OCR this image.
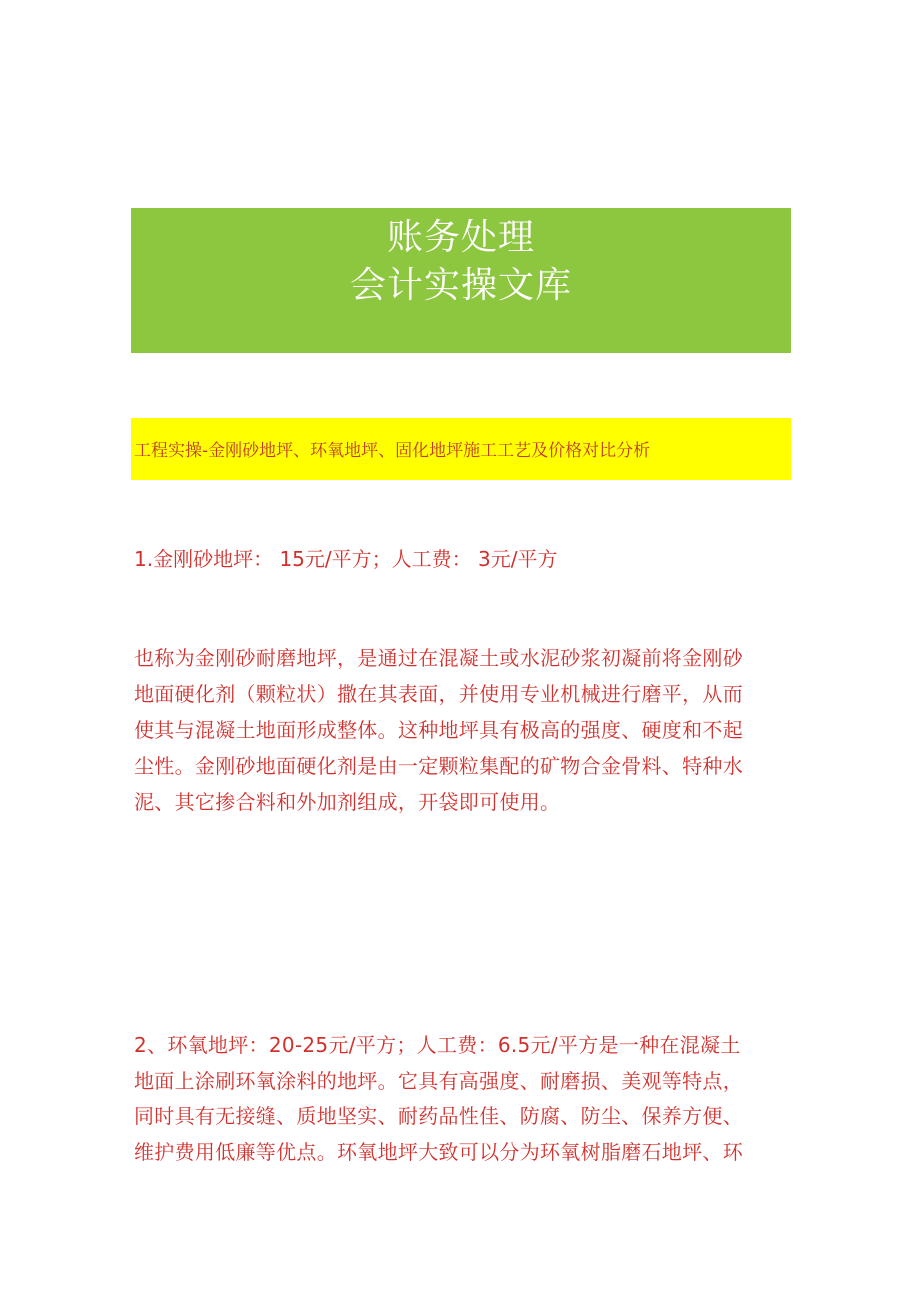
账务处理
会计实操文库
工程实操-金刚砂地坪、环氧地坪、固化地坪施工工艺及价格对比分析
1.金刚砂地坪： 15元/平方；人工费： 3元/平方
也称为金刚砂耐磨地坪，是通过在混凝土或水泥砂浆初凝前将金刚砂
地面硬化剂（颗粒状）撒在其表面，并使用专业机械进行磨平，从而
使其与混凝土地面形成整体。这种地坪具有极高的强度、硬度和不起
尘性。金刚砂地面硬化剂是由一定颗粒集配的矿物合金骨料、特种水
泥、其它掺合料和外加剂组成，开袋即可使用。
2、环氧地坪：20-25元/平方；人工费：6.5元/平方是一种在混凝土
地面上涂刷环氧涂料的地坪。它具有高强度、耐磨损、美观等特点，
同时具有无接缝、质地坚实、耐药品性佳、防腐、防尘、保养方便、
维护费用低廉等优点。环氧地坪大致可以分为环氧树脂磨石地坪、环
